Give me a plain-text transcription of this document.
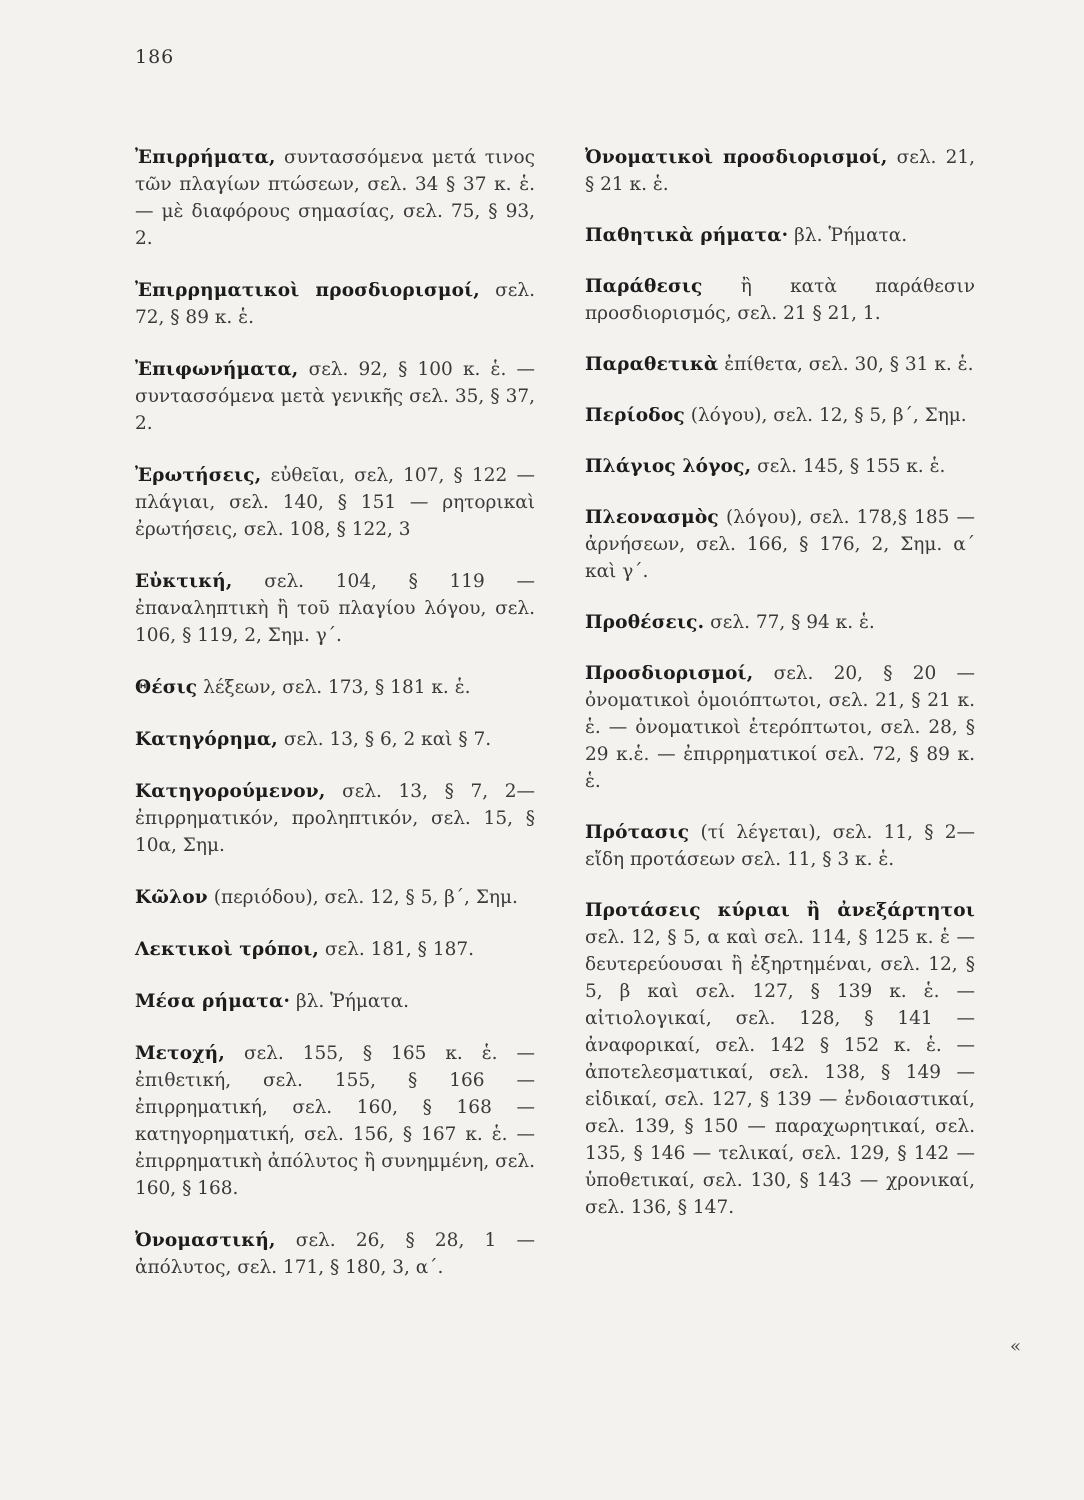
186

Ἐπιρρήματα, συντασσόμενα μετά τινος τῶν πλαγίων πτώσεων, σελ. 34 § 37 κ. ἑ. — μὲ διαφόρους σημασίας, σελ. 75, § 93, 2.

Ἐπιρρηματικοὶ προσδιορισμοί, σελ. 72, § 89 κ. ἑ.

Ἐπιφωνήματα, σελ. 92, § 100 κ. ἑ. — συντασσόμενα μετὰ γενικῆς σελ. 35, § 37, 2.

Ἐρωτήσεις, εὐθεῖαι, σελ, 107, § 122 — πλάγιαι, σελ. 140, § 151 — ρητορικαὶ ἐρωτήσεις, σελ. 108, § 122, 3

Εὐκτική, σελ. 104, § 119 — ἐπαναληπτικὴ ἢ τοῦ πλαγίου λόγου, σελ. 106, § 119, 2, Σημ. γ΄.

Θέσις λέξεων, σελ. 173, § 181 κ. ἑ.

Κατηγόρημα, σελ. 13, § 6, 2 καὶ § 7.

Κατηγορούμενον, σελ. 13, § 7, 2—ἐπιρρηματικόν, προληπτικόν, σελ. 15, § 10α, Σημ.

Κῶλον (περιόδου), σελ. 12, § 5, β΄, Σημ.

Λεκτικοὶ τρόποι, σελ. 181, § 187.

Μέσα ρήματα· βλ. Ῥήματα.

Μετοχή, σελ. 155, § 165 κ. ἑ. — ἐπιθετική, σελ. 155, § 166 — ἐπιρρηματική, σελ. 160, § 168 — κατηγορηματική, σελ. 156, § 167 κ. ἑ. — ἐπιρρηματικὴ ἀπόλυτος ἢ συνημμένη, σελ. 160, § 168.

Ὀνομαστική, σελ. 26, § 28, 1 — ἀπόλυτος, σελ. 171, § 180, 3, α΄.

Ὀνοματικοὶ προσδιορισμοί, σελ. 21, § 21 κ. ἑ.

Παθητικὰ ρήματα· βλ. Ῥήματα.

Παράθεσις ἢ κατὰ παράθεσιν προσδιορισμός, σελ. 21 § 21, 1.

Παραθετικὰ ἐπίθετα, σελ. 30, § 31 κ. ἑ.

Περίοδος (λόγου), σελ. 12, § 5, β΄, Σημ.

Πλάγιος λόγος, σελ. 145, § 155 κ. ἑ.

Πλεονασμὸς (λόγου), σελ. 178,§ 185 — ἀρνήσεων, σελ. 166, § 176, 2, Σημ. α΄ καὶ γ΄.

Προθέσεις. σελ. 77, § 94 κ. ἑ.

Προσδιορισμοί, σελ. 20, § 20 — ὀνοματικοὶ ὁμοιόπτωτοι, σελ. 21, § 21 κ. ἑ. — ὀνοματικοὶ ἑτερόπτωτοι, σελ. 28, § 29 κ.ἑ. — ἐπιρρηματικοί σελ. 72, § 89 κ. ἑ.

Πρότασις (τί λέγεται), σελ. 11, § 2— εἴδη προτάσεων σελ. 11, § 3 κ. ἑ.

Προτάσεις κύριαι ἢ ἀνεξάρτητοι σελ. 12, § 5, α καὶ σελ. 114, § 125 κ. ἑ — δευτερεύουσαι ἢ ἐξηρτημέναι, σελ. 12, § 5, β καὶ σελ. 127, § 139 κ. ἑ. — αἰτιολογικαί, σελ. 128, § 141 — ἀναφορικαί, σελ. 142 § 152 κ. ἑ. — ἀποτελεσματικαί, σελ. 138, § 149 — εἰδικαί, σελ. 127, § 139 — ἐνδοιαστικαί, σελ. 139, § 150 — παραχωρητικαί, σελ. 135, § 146 — τελικαί, σελ. 129, § 142 — ὑποθετικαί, σελ. 130, § 143 — χρονικαί, σελ. 136, § 147.

«
